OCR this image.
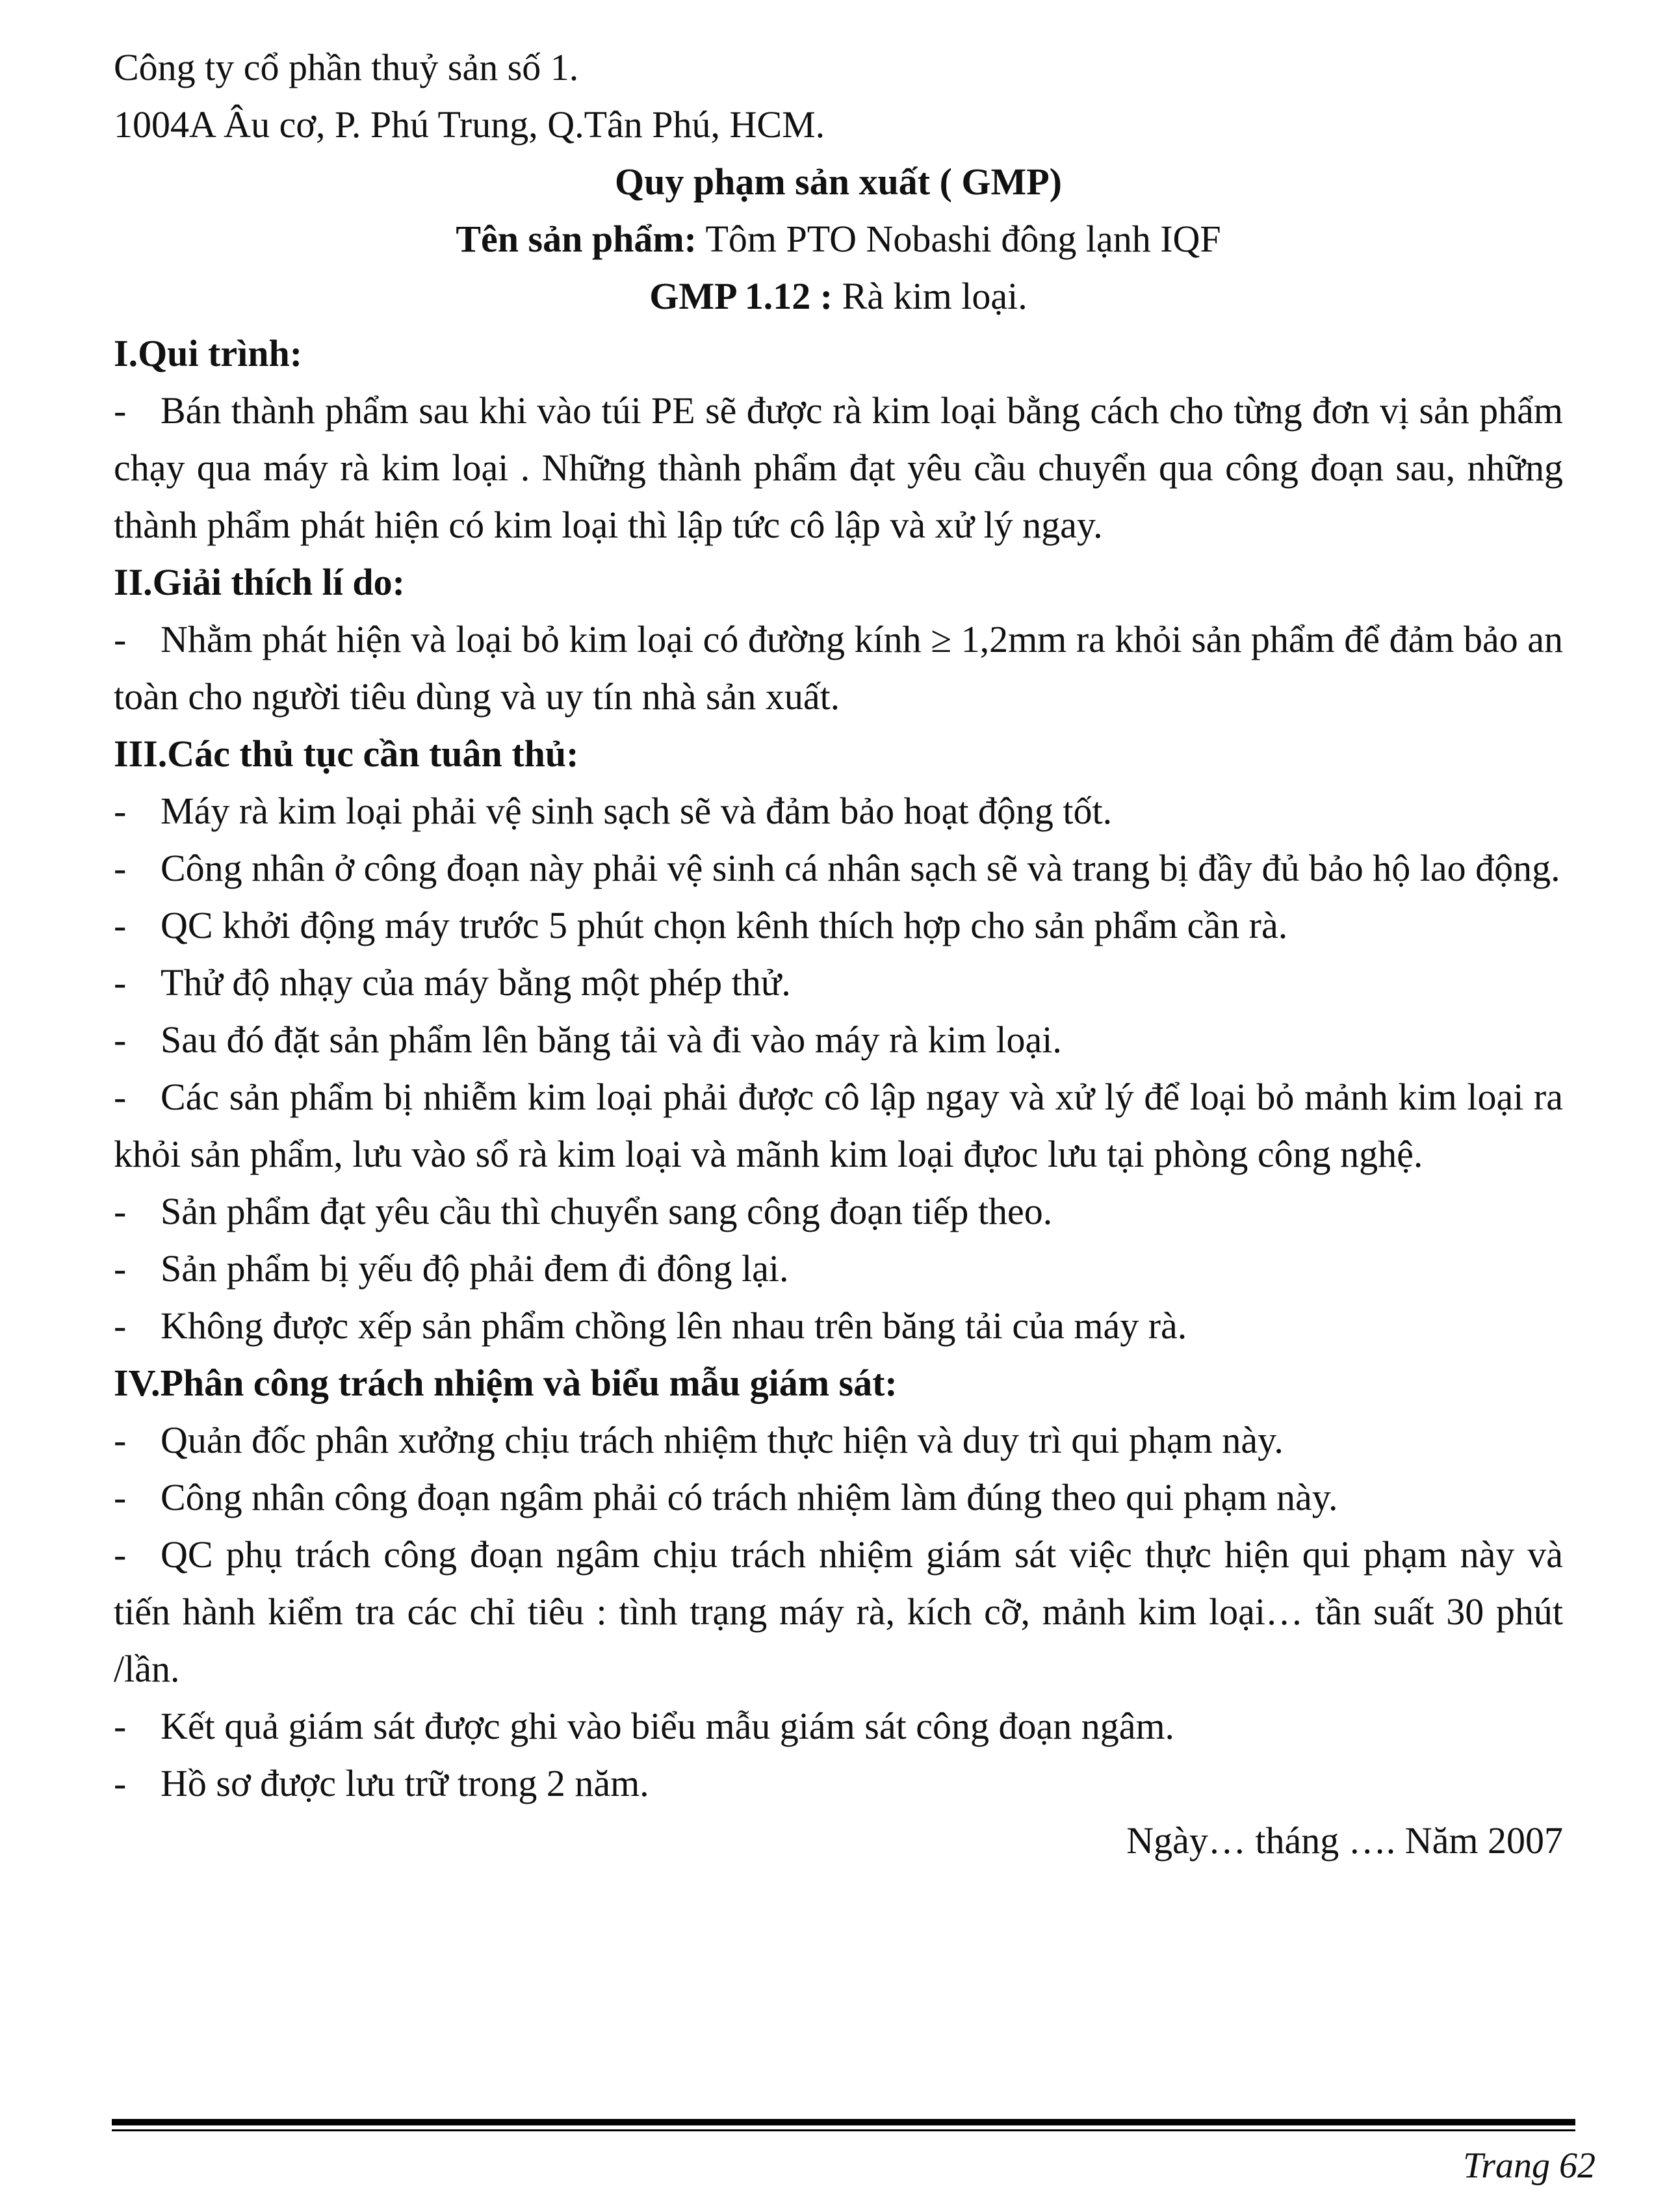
Công ty cổ phần thuỷ sản số 1.

1004A Âu cơ, P. Phú Trung, Q.Tân Phú, HCM.

Quy phạm sản xuất ( GMP)

Tên sản phẩm: Tôm PTO Nobashi đông lạnh IQF

GMP 1.12 : Rà kim loại.

I.Qui trình:

- Bán thành phẩm sau khi vào túi PE sẽ được rà kim loại bằng cách cho từng đơn vị sản phẩm chạy qua máy rà kim loại . Những thành phẩm đạt yêu cầu chuyển qua công đoạn sau, những thành phẩm phát hiện có kim loại thì lập tức cô lập và xử lý ngay.

II.Giải thích lí do:

- Nhằm phát hiện và loại bỏ kim loại có đường kính ≥ 1,2mm ra khỏi sản phẩm để đảm bảo an toàn cho người tiêu dùng và uy tín nhà sản xuất.

III.Các thủ tục cần tuân thủ:

- Máy rà kim loại phải vệ sinh sạch sẽ và đảm bảo hoạt động tốt.

- Công nhân ở công đoạn này phải vệ sinh cá nhân sạch sẽ và trang bị đầy đủ bảo hộ lao động.

- QC khởi động máy trước 5 phút chọn kênh thích hợp cho sản phẩm cần rà.

- Thử độ nhạy của máy bằng một phép thử.

- Sau đó đặt sản phẩm lên băng tải và đi vào máy rà kim loại.

- Các sản phẩm bị nhiễm kim loại phải được cô lập ngay và xử lý để loại bỏ mảnh kim loại ra khỏi sản phẩm, lưu vào sổ rà kim loại và mãnh kim loại đựoc lưu tại phòng công nghệ.

- Sản phẩm đạt yêu cầu thì chuyển sang công đoạn tiếp theo.

- Sản phẩm bị yếu độ phải đem đi đông lại.

- Không được xếp sản phẩm chồng lên nhau trên băng tải của máy rà.

IV.Phân công trách nhiệm và biểu mẫu giám sát:

- Quản đốc phân xưởng chịu trách nhiệm thực hiện và duy trì qui phạm này.

- Công nhân công đoạn ngâm phải có trách nhiệm làm đúng theo qui phạm này.

- QC phụ trách công đoạn ngâm chịu trách nhiệm giám sát việc thực hiện qui phạm này và tiến hành kiểm tra các chỉ tiêu : tình trạng máy rà, kích cỡ, mảnh kim loại… tần suất 30 phút /lần.

- Kết quả giám sát được ghi vào biểu mẫu giám sát công đoạn ngâm.

- Hồ sơ được lưu trữ trong 2 năm.

Ngày… tháng …. Năm 2007

Trang 62
